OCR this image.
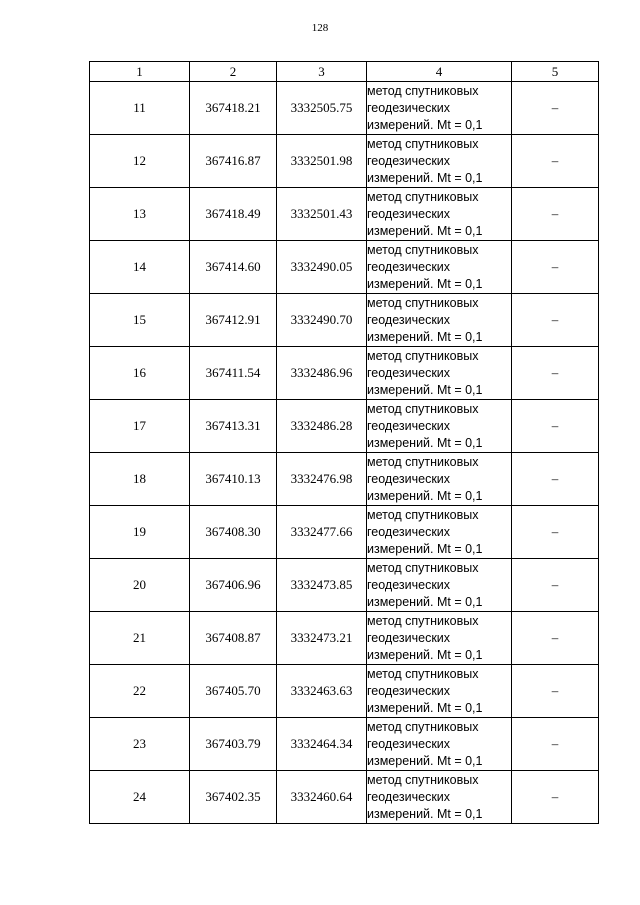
128
1	2	3	4	5
11	367418.21	3332505.75	метод спутниковых
геодезических
измерений. Mt = 0,1	–
12	367416.87	3332501.98	метод спутниковых
геодезических
измерений. Mt = 0,1	–
13	367418.49	3332501.43	метод спутниковых
геодезических
измерений. Mt = 0,1	–
14	367414.60	3332490.05	метод спутниковых
геодезических
измерений. Mt = 0,1	–
15	367412.91	3332490.70	метод спутниковых
геодезических
измерений. Mt = 0,1	–
16	367411.54	3332486.96	метод спутниковых
геодезических
измерений. Mt = 0,1	–
17	367413.31	3332486.28	метод спутниковых
геодезических
измерений. Mt = 0,1	–
18	367410.13	3332476.98	метод спутниковых
геодезических
измерений. Mt = 0,1	–
19	367408.30	3332477.66	метод спутниковых
геодезических
измерений. Mt = 0,1	–
20	367406.96	3332473.85	метод спутниковых
геодезических
измерений. Mt = 0,1	–
21	367408.87	3332473.21	метод спутниковых
геодезических
измерений. Mt = 0,1	–
22	367405.70	3332463.63	метод спутниковых
геодезических
измерений. Mt = 0,1	–
23	367403.79	3332464.34	метод спутниковых
геодезических
измерений. Mt = 0,1	–
24	367402.35	3332460.64	метод спутниковых
геодезических
измерений. Mt = 0,1	–
